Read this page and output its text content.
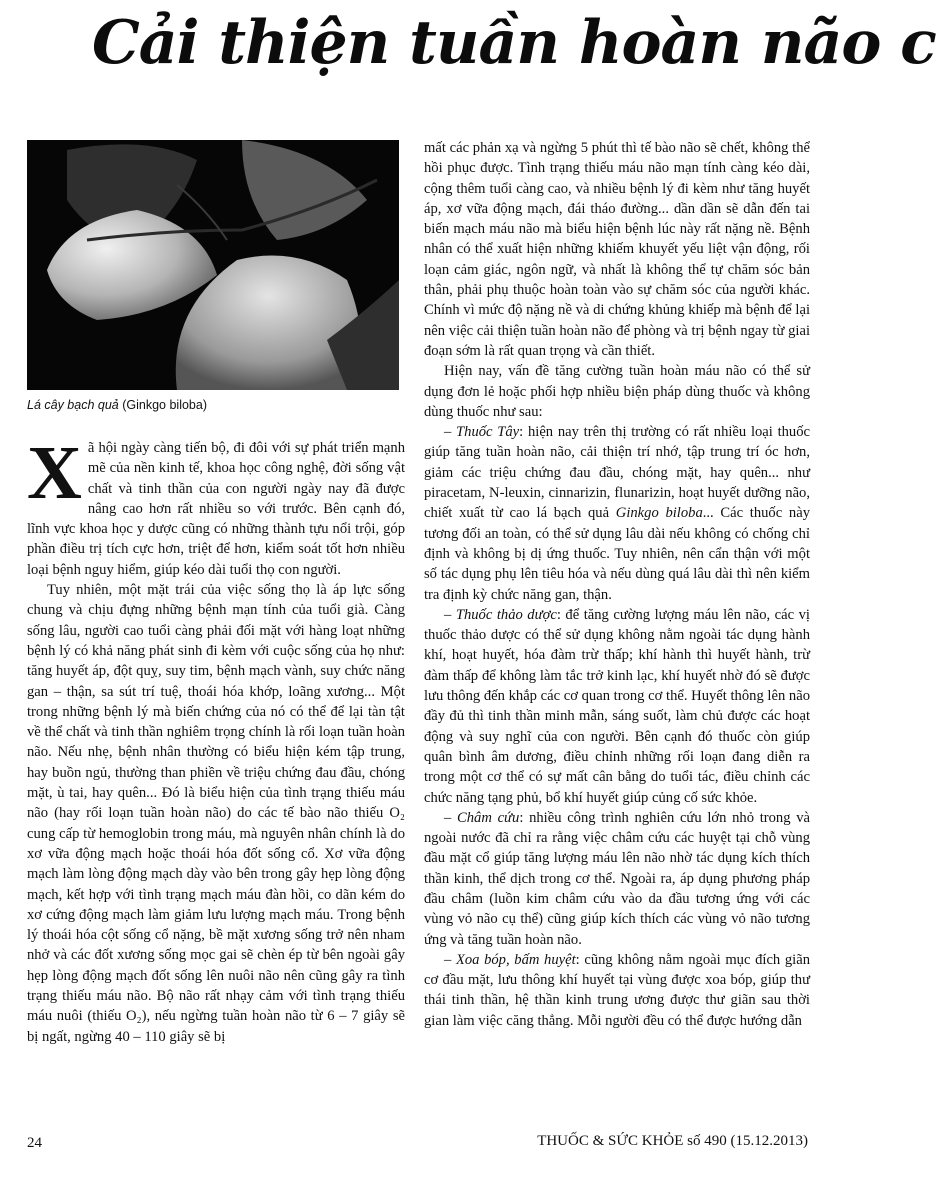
Cải thiện tuần hoàn não c
Lá cây bạch quả (Ginkgo biloba)

Xã hội ngày càng tiến bộ, đi đôi với sự phát triển mạnh mẽ của nền kinh tế, khoa học công nghệ, đời sống vật chất và tinh thần của con người ngày nay đã được nâng cao hơn rất nhiều so với trước. Bên cạnh đó, lĩnh vực khoa học y dược cũng có những thành tựu nổi trội, góp phần điều trị tích cực hơn, triệt để hơn, kiểm soát tốt hơn nhiều loại bệnh nguy hiểm, giúp kéo dài tuổi thọ con người.

Tuy nhiên, một mặt trái của việc sống thọ là áp lực sống chung và chịu đựng những bệnh mạn tính của tuổi già. Càng sống lâu, người cao tuổi càng phải đối mặt với hàng loạt những bệnh lý có khả năng phát sinh đi kèm với cuộc sống của họ như: tăng huyết áp, đột quỵ, suy tim, bệnh mạch vành, suy chức năng gan – thận, sa sút trí tuệ, thoái hóa khớp, loãng xương... Một trong những bệnh lý mà biến chứng của nó có thể để lại tàn tật về thể chất và tinh thần nghiêm trọng chính là rối loạn tuần hoàn não. Nếu nhẹ, bệnh nhân thường có biểu hiện kém tập trung, hay buồn ngủ, thường than phiền về triệu chứng đau đầu, chóng mặt, ù tai, hay quên... Đó là biểu hiện của tình trạng thiếu máu não (hay rối loạn tuần hoàn não) do các tế bào não thiếu O₂ cung cấp từ hemoglobin trong máu, mà nguyên nhân chính là do xơ vữa động mạch hoặc thoái hóa đốt sống cổ. Xơ vữa động mạch làm lòng động mạch dày vào bên trong gây hẹp lòng động mạch, kết hợp với tình trạng mạch máu đàn hồi, co dãn kém do xơ cứng động mạch làm giảm lưu lượng mạch máu. Trong bệnh lý thoái hóa cột sống cổ nặng, bề mặt xương sống trở nên nham nhở và các đốt xương sống mọc gai sẽ chèn ép từ bên ngoài gây hẹp lòng động mạch đốt sống lên nuôi não nên cũng gây ra tình trạng thiếu máu não. Bộ não rất nhạy cảm với tình trạng thiếu máu nuôi (thiếu O₂), nếu ngừng tuần hoàn não từ 6 – 7 giây sẽ bị ngất, ngừng 40 – 110 giây sẽ bị

mất các phản xạ và ngừng 5 phút thì tế bào não sẽ chết, không thể hồi phục được. Tình trạng thiếu máu não mạn tính càng kéo dài, cộng thêm tuổi càng cao, và nhiều bệnh lý đi kèm như tăng huyết áp, xơ vữa động mạch, đái tháo đường... dần dần sẽ dẫn đến tai biến mạch máu não mà biểu hiện bệnh lúc này rất nặng nề. Bệnh nhân có thể xuất hiện những khiếm khuyết yếu liệt vận động, rối loạn cảm giác, ngôn ngữ, và nhất là không thể tự chăm sóc bản thân, phải phụ thuộc hoàn toàn vào sự chăm sóc của người khác. Chính vì mức độ nặng nề và di chứng khủng khiếp mà bệnh để lại nên việc cải thiện tuần hoàn não để phòng và trị bệnh ngay từ giai đoạn sớm là rất quan trọng và cần thiết.

Hiện nay, vấn đề tăng cường tuần hoàn máu não có thể sử dụng đơn lẻ hoặc phối hợp nhiều biện pháp dùng thuốc và không dùng thuốc như sau:

– Thuốc Tây: hiện nay trên thị trường có rất nhiều loại thuốc giúp tăng tuần hoàn não, cải thiện trí nhớ, tập trung trí óc hơn, giảm các triệu chứng đau đầu, chóng mặt, hay quên... như piracetam, N-leuxin, cinnarizin, flunarizin, hoạt huyết dưỡng não, chiết xuất từ cao lá bạch quả Ginkgo biloba... Các thuốc này tương đối an toàn, có thể sử dụng lâu dài nếu không có chống chỉ định và không bị dị ứng thuốc. Tuy nhiên, nên cẩn thận với một số tác dụng phụ lên tiêu hóa và nếu dùng quá lâu dài thì nên kiểm tra định kỳ chức năng gan, thận.

– Thuốc thảo dược: để tăng cường lượng máu lên não, các vị thuốc thảo dược có thể sử dụng không nằm ngoài tác dụng hành khí, hoạt huyết, hóa đàm trừ thấp; khí hành thì huyết hành, trừ đàm thấp để không làm tắc trở kinh lạc, khí huyết nhờ đó sẽ được lưu thông đến khắp các cơ quan trong cơ thể. Huyết thông lên não đầy đủ thì tinh thần minh mẫn, sáng suốt, làm chủ được các hoạt động và suy nghĩ của con người. Bên cạnh đó thuốc còn giúp quân bình âm dương, điều chỉnh những rối loạn đang diễn ra trong một cơ thể có sự mất cân bằng do tuổi tác, điều chỉnh các chức năng tạng phủ, bổ khí huyết giúp củng cố sức khỏe.

– Châm cứu: nhiều công trình nghiên cứu lớn nhỏ trong và ngoài nước đã chỉ ra rằng việc châm cứu các huyệt tại chỗ vùng đầu mặt cổ giúp tăng lượng máu lên não nhờ tác dụng kích thích thần kinh, thể dịch trong cơ thể. Ngoài ra, áp dụng phương pháp đầu châm (luồn kim châm cứu vào da đầu tương ứng với các vùng vỏ não cụ thể) cũng giúp kích thích các vùng vỏ não tương ứng và tăng tuần hoàn não.

– Xoa bóp, bấm huyệt: cũng không nằm ngoài mục đích giãn cơ đầu mặt, lưu thông khí huyết tại vùng được xoa bóp, giúp thư thái tinh thần, hệ thần kinh trung ương được thư giãn sau thời gian làm việc căng thẳng. Mỗi người đều có thể được hướng dẫn

24	THUỐC & SỨC KHỎE số 490 (15.12.2013)
